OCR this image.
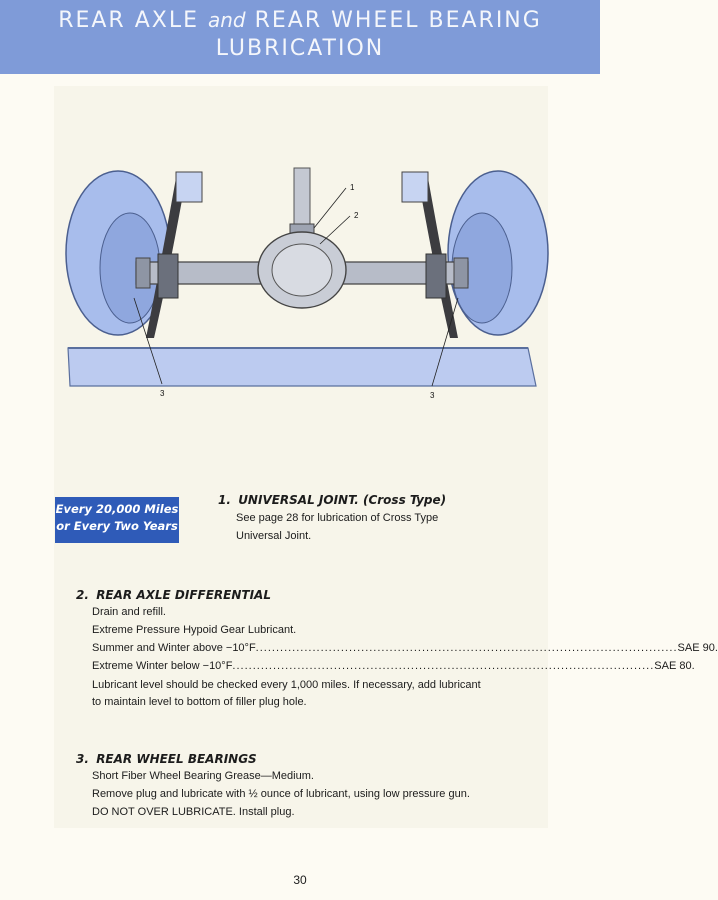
REAR AXLE and REAR WHEEL BEARING
LUBRICATION
1
2
3	3
Every 20,000 Miles
or Every Two Years
1. UNIVERSAL JOINT. (Cross Type)
See page 28 for lubrication of Cross Type
Universal Joint.
2. REAR AXLE DIFFERENTIAL
Drain and refill.
Extreme Pressure Hypoid Gear Lubricant.
Summer and Winter above −10°F ........................................................................................................ SAE 90.
Extreme Winter below −10°F ........................................................................................................ SAE 80.
Lubricant level should be checked every 1,000 miles. If necessary, add lubricant
to maintain level to bottom of filler plug hole.
3. REAR WHEEL BEARINGS
Short Fiber Wheel Bearing Grease—Medium.
Remove plug and lubricate with ½ ounce of lubricant, using low pressure gun.
DO NOT OVER LUBRICATE. Install plug.
30
